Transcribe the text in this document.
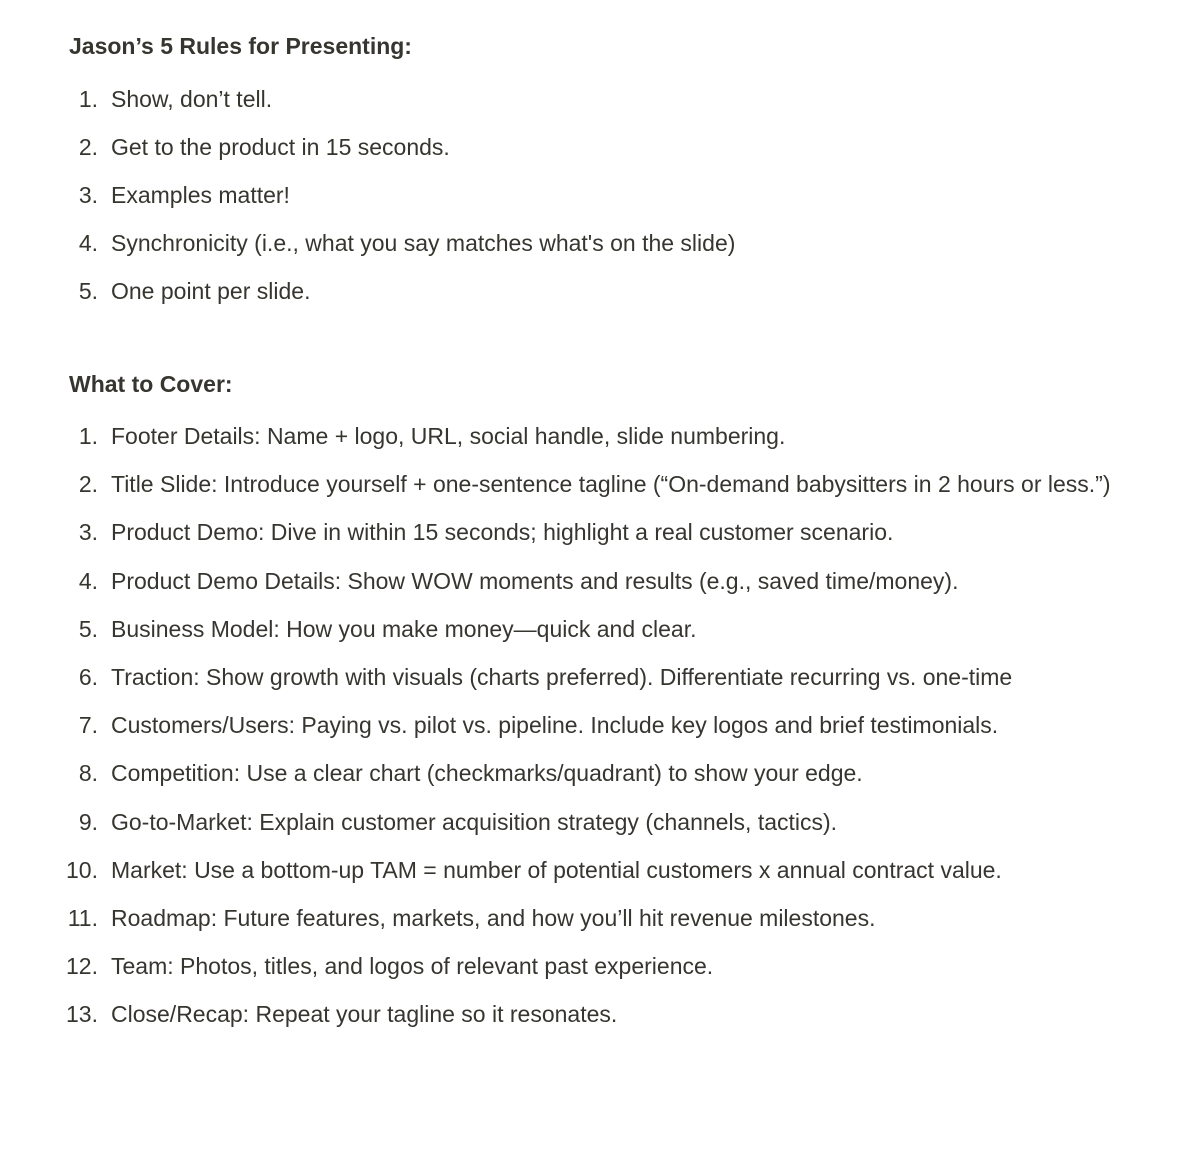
Jason’s 5 Rules for Presenting:
1. Show, don’t tell.
2. Get to the product in 15 seconds.
3. Examples matter!
4. Synchronicity (i.e., what you say matches what's on the slide)
5. One point per slide.
What to Cover:
1. Footer Details: Name + logo, URL, social handle, slide numbering.
2. Title Slide: Introduce yourself + one-sentence tagline (“On-demand babysitters in 2 hours or less.”)
3. Product Demo: Dive in within 15 seconds; highlight a real customer scenario.
4. Product Demo Details: Show WOW moments and results (e.g., saved time/money).
5. Business Model: How you make money—quick and clear.
6. Traction: Show growth with visuals (charts preferred). Differentiate recurring vs. one-time
7. Customers/Users: Paying vs. pilot vs. pipeline. Include key logos and brief testimonials.
8. Competition: Use a clear chart (checkmarks/quadrant) to show your edge.
9. Go-to-Market: Explain customer acquisition strategy (channels, tactics).
10. Market: Use a bottom-up TAM = number of potential customers x annual contract value.
11. Roadmap: Future features, markets, and how you’ll hit revenue milestones.
12. Team: Photos, titles, and logos of relevant past experience.
13. Close/Recap: Repeat your tagline so it resonates.
